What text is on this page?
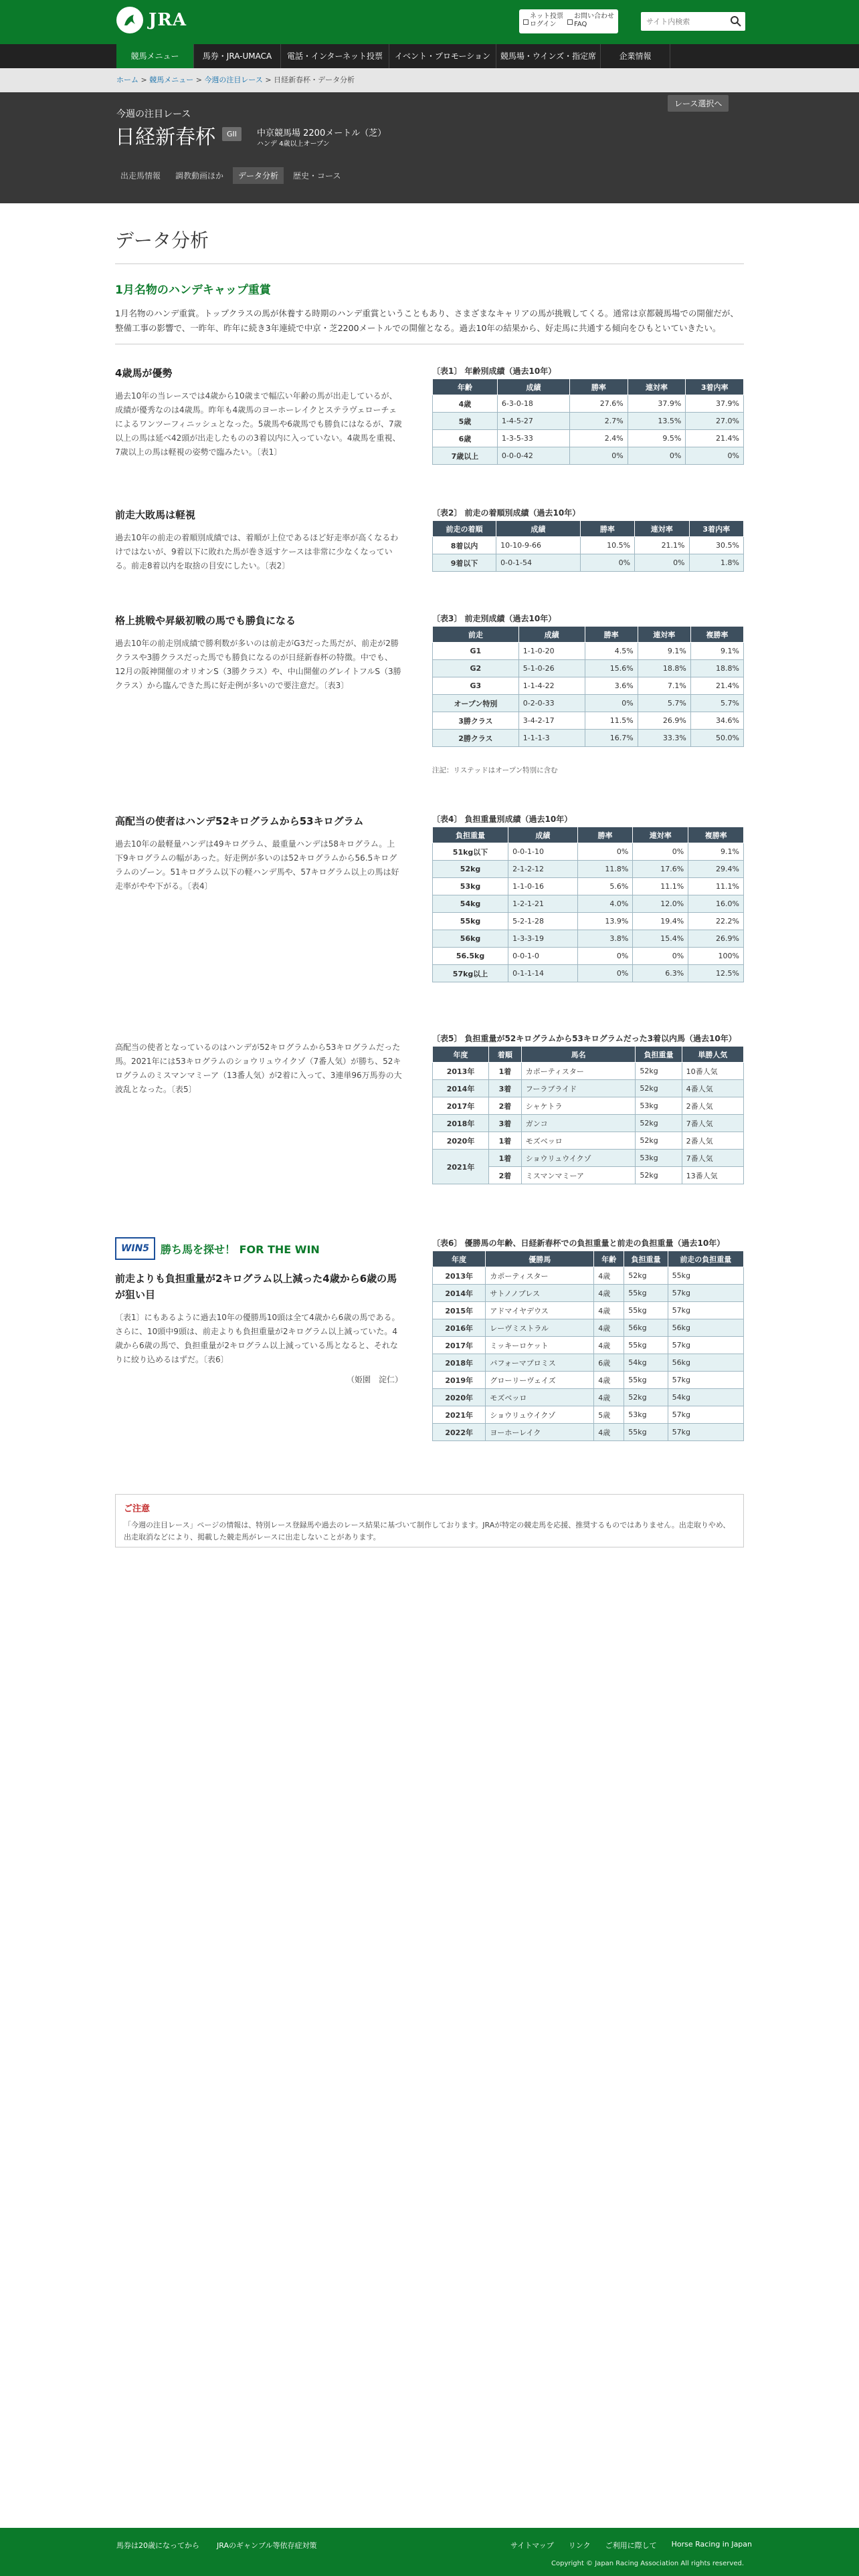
JRA	ネット投票
ログイン
お問い合わせ
FAQ
サイト内検索
競馬メニュー	馬券・JRA-UMACA	電話・インターネット投票	イベント・プロモーション	競馬場・ウインズ・指定席	企業情報
ホーム > 競馬メニュー > 今週の注目レース > 日経新春杯・データ分析
今週の注目レース
日経新春杯	GII	中京競馬場 2200メートル（芝）
ハンデ 4歳以上オープン
レース選択へ
出走馬情報	調教動画ほか	データ分析	歴史・コース
データ分析
1月名物のハンデキャップ重賞

1月名物のハンデ重賞。トップクラスの馬が休養する時期のハンデ重賞ということもあり、さまざまなキャリアの馬が挑戦してくる。通常は京都競馬場での開催だが、整備工事の影響で、一昨年、昨年に続き3年連続で中京・芝2200メートルでの開催となる。過去10年の結果から、好走馬に共通する傾向をひもといていきたい。

4歳馬が優勢

過去10年の当レースでは4歳から10歳まで幅広い年齢の馬が出走しているが、成績が優秀なのは4歳馬。昨年も4歳馬のヨーホーレイクとステラヴェローチェによるワンツーフィニッシュとなった。5歳馬や6歳馬でも勝負にはなるが、7歳以上の馬は延べ42頭が出走したものの3着以内に入っていない。4歳馬を重視、7歳以上の馬は軽視の姿勢で臨みたい。〔表1〕

〔表1〕 年齢別成績（過去10年）
年齢	成績	勝率	連対率	3着内率
4歳	6-3-0-18	27.6%	37.9%	37.9%
5歳	1-4-5-27	2.7%	13.5%	27.0%
6歳	1-3-5-33	2.4%	9.5%	21.4%
7歳以上	0-0-0-42	0%	0%	0%
前走大敗馬は軽視

過去10年の前走の着順別成績では、着順が上位であるほど好走率が高くなるわけではないが、9着以下に敗れた馬が巻き返すケースは非常に少なくなっている。前走8着以内を取捨の目安にしたい。〔表2〕

〔表2〕 前走の着順別成績（過去10年）
前走の着順	成績	勝率	連対率	3着内率
8着以内	10-10-9-66	10.5%	21.1%	30.5%
9着以下	0-0-1-54	0%	0%	1.8%
格上挑戦や昇級初戦の馬でも勝負になる

過去10年の前走別成績で勝利数が多いのは前走がG3だった馬だが、前走が2勝クラスや3勝クラスだった馬でも勝負になるのが日経新春杯の特徴。中でも、12月の阪神開催のオリオンS（3勝クラス）や、中山開催のグレイトフルS（3勝クラス）から臨んできた馬に好走例が多いので要注意だ。〔表3〕

〔表3〕 前走別成績（過去10年）
前走	成績	勝率	連対率	複勝率
G1	1-1-0-20	4.5%	9.1%	9.1%
G2	5-1-0-26	15.6%	18.8%	18.8%
G3	1-1-4-22	3.6%	7.1%	21.4%
オープン特別	0-2-0-33	0%	5.7%	5.7%
3勝クラス	3-4-2-17	11.5%	26.9%	34.6%
2勝クラス	1-1-1-3	16.7%	33.3%	50.0%
注記：リステッドはオープン特別に含む
高配当の使者はハンデ52キログラムから53キログラム

過去10年の最軽量ハンデは49キログラム、最重量ハンデは58キログラム。上下9キログラムの幅があった。好走例が多いのは52キログラムから56.5キログラムのゾーン。51キログラム以下の軽ハンデ馬や、57キログラム以上の馬は好走率がやや下がる。〔表4〕

〔表4〕 負担重量別成績（過去10年）
負担重量	成績	勝率	連対率	複勝率
51kg以下	0-0-1-10	0%	0%	9.1%
52kg	2-1-2-12	11.8%	17.6%	29.4%
53kg	1-1-0-16	5.6%	11.1%	11.1%
54kg	1-2-1-21	4.0%	12.0%	16.0%
55kg	5-2-1-28	13.9%	19.4%	22.2%
56kg	1-3-3-19	3.8%	15.4%	26.9%
56.5kg	0-0-1-0	0%	0%	100%
57kg以上	0-1-1-14	0%	6.3%	12.5%

高配当の使者となっているのはハンデが52キログラムから53キログラムだった馬。2021年には53キログラムのショウリュウイクゾ（7番人気）が勝ち、52キログラムのミスマンマミーア（13番人気）が2着に入って、3連単96万馬券の大波乱となった。〔表5〕

〔表5〕 負担重量が52キログラムから53キログラムだった3着以内馬（過去10年）
年度	着順	馬名	負担重量	単勝人気
2013年	1着	カポーティスター	52kg	10番人気
2014年	3着	フーラブライド	52kg	4番人気
2017年	2着	シャケトラ	53kg	2番人気
2018年	3着	ガンコ	52kg	7番人気
2020年	1着	モズベッロ	52kg	2番人気
2021年	1着	ショウリュウイクゾ	53kg	7番人気
	2着	ミスマンマミーア	52kg	13番人気
WIN5	勝ち馬を探せ！ FOR THE WIN
前走よりも負担重量が2キログラム以上減った4歳から6歳の馬が狙い目

〔表1〕にもあるように過去10年の優勝馬10頭は全て4歳から6歳の馬である。さらに、10頭中9頭は、前走よりも負担重量が2キログラム以上減っていた。4歳から6歳の馬で、負担重量が2キログラム以上減っている馬となると、それなりに絞り込めるはずだ。〔表6〕

（姫園　淀仁）
〔表6〕 優勝馬の年齢、日経新春杯での負担重量と前走の負担重量（過去10年）
年度	優勝馬	年齢	負担重量	前走の負担重量
2013年	カポーティスター	4歳	52kg	55kg
2014年	サトノノブレス	4歳	55kg	57kg
2015年	アドマイヤデウス	4歳	55kg	57kg
2016年	レーヴミストラル	4歳	56kg	56kg
2017年	ミッキーロケット	4歳	55kg	57kg
2018年	パフォーマプロミス	6歳	54kg	56kg
2019年	グローリーヴェイズ	4歳	55kg	57kg
2020年	モズベッロ	4歳	52kg	54kg
2021年	ショウリュウイクゾ	5歳	53kg	57kg
2022年	ヨーホーレイク	4歳	55kg	57kg
ご注意

「今週の注目レース」ページの情報は、特別レース登録馬や過去のレース結果に基づいて制作しております。JRAが特定の競走馬を応援、推奨するものではありません。出走取りやめ、出走取消などにより、掲載した競走馬がレースに出走しないことがあります。

馬券は20歳になってから JRAのギャンブル等依存症対策	サイトマップ リンク ご利用に際して Horse Racing in Japan
Copyright © Japan Racing Association All rights reserved.
